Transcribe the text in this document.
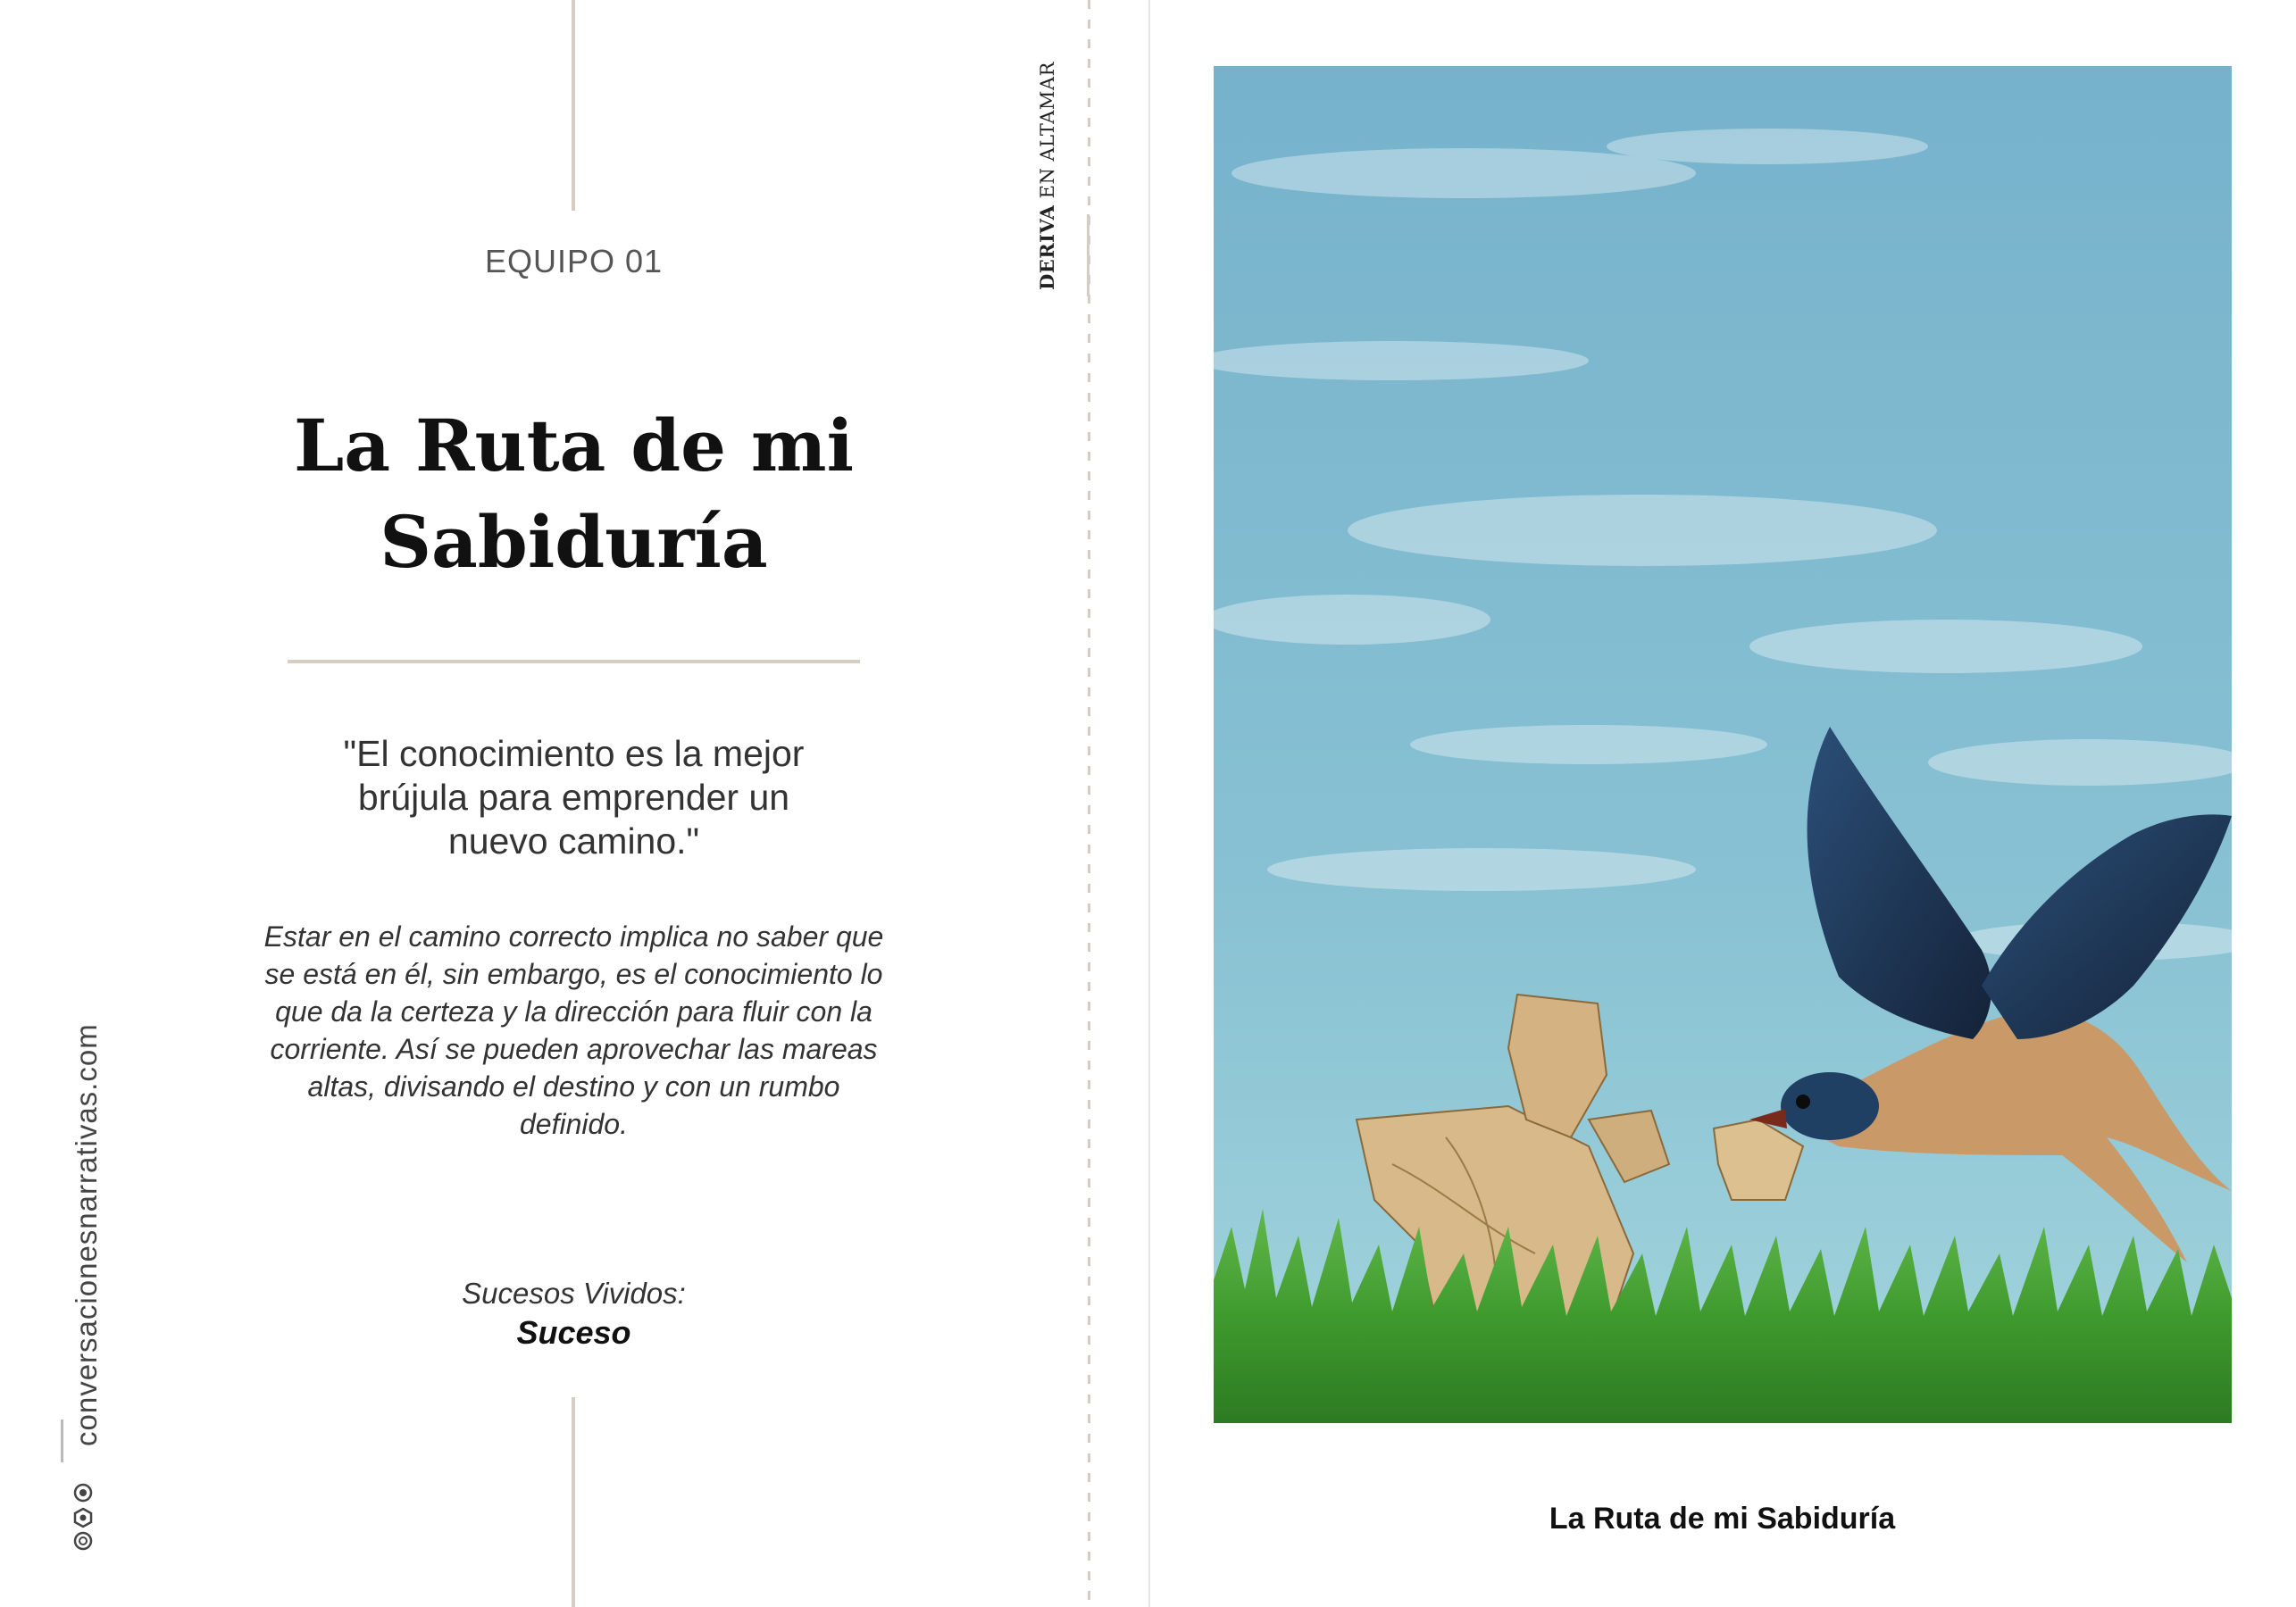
EQUIPO 01
La Ruta de mi
Sabiduría
"El conocimiento es la mejor
brújula para emprender un
nuevo camino."
Estar en el camino correcto implica no saber que
se está en él, sin embargo, es el conocimiento lo
que da la certeza y la dirección para fluir con la
corriente. Así se pueden aprovechar las mareas
altas, divisando el destino y con un rumbo
definido.
Sucesos Vividos:
Suceso
DERIVA EN ALTAMAR
conversacionesnarrativas.com
La Ruta de mi Sabiduría
